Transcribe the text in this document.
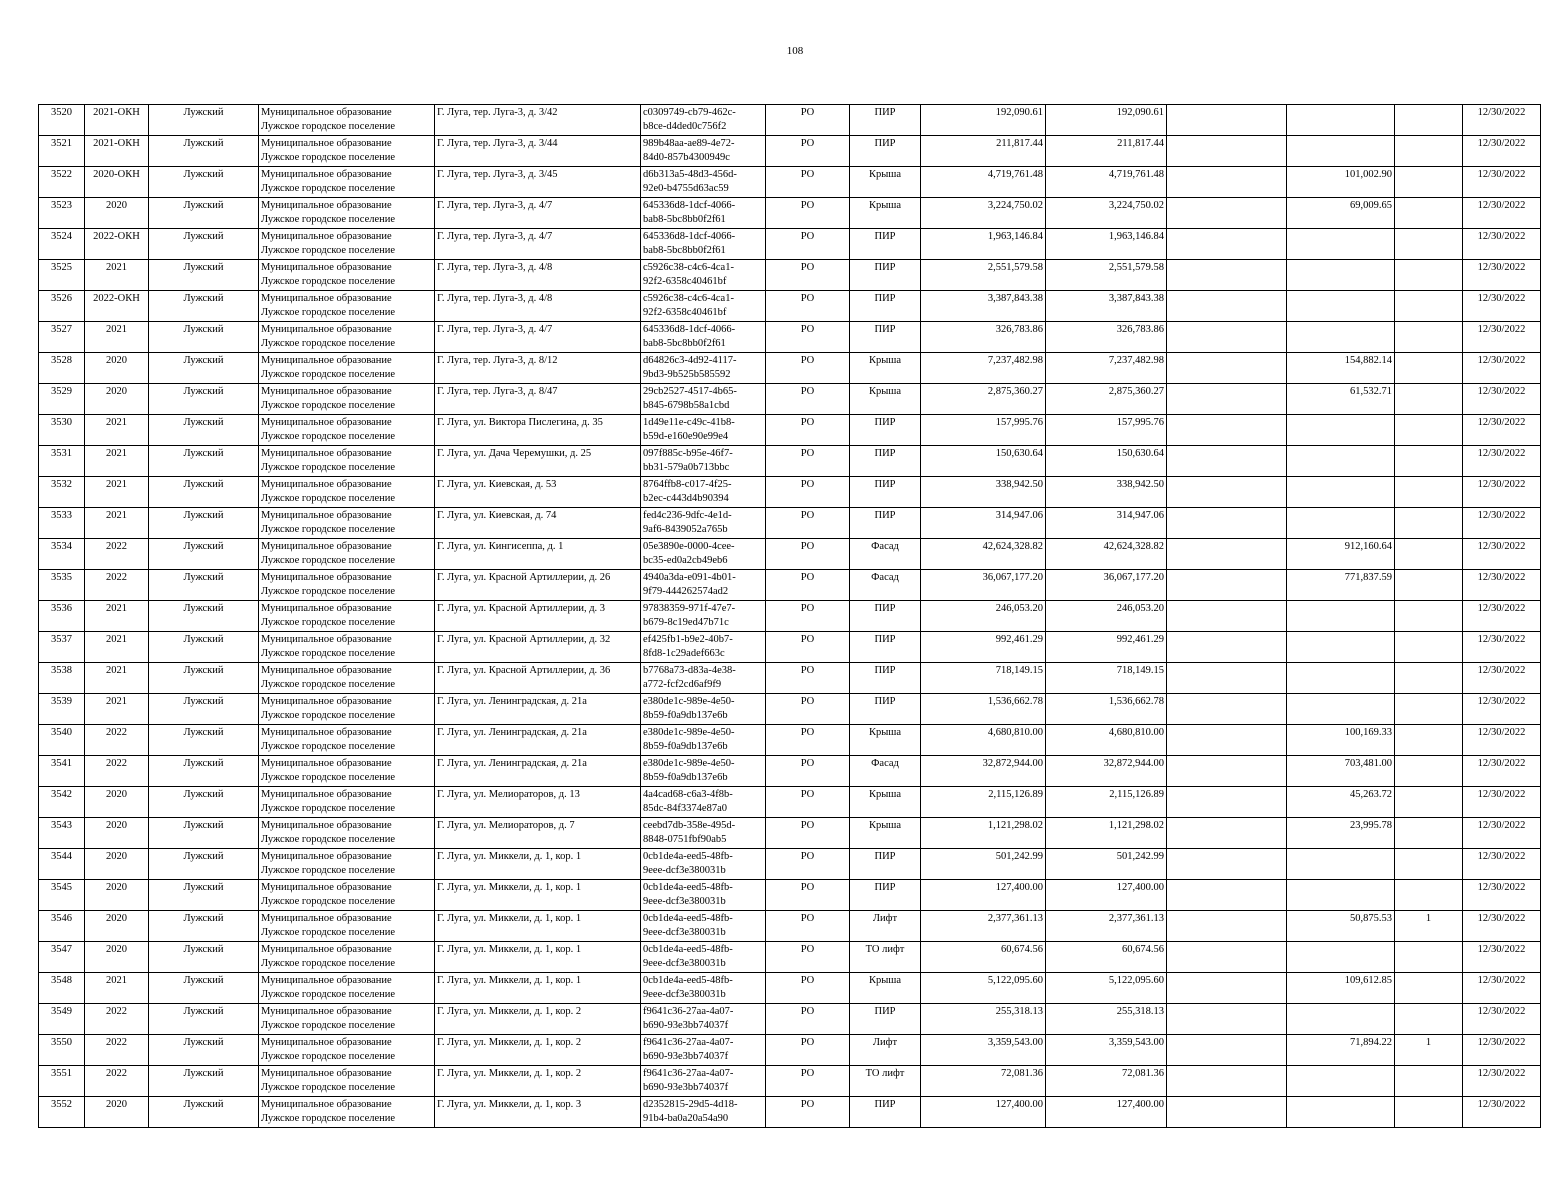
108
3520	2021-ОКН	Лужский	Муниципальное образование
Лужское городское поселение	Г. Луга, тер. Луга-3, д. 3/42	c0309749-cb79-462c-
b8ce-d4ded0c756f2	РО	ПИР	192,090.61	192,090.61				12/30/2022
3521	2021-ОКН	Лужский	Муниципальное образование
Лужское городское поселение	Г. Луга, тер. Луга-3, д. 3/44	989b48aa-ae89-4e72-
84d0-857b4300949c	РО	ПИР	211,817.44	211,817.44				12/30/2022
3522	2020-ОКН	Лужский	Муниципальное образование
Лужское городское поселение	Г. Луга, тер. Луга-3, д. 3/45	d6b313a5-48d3-456d-
92e0-b4755d63ac59	РО	Крыша	4,719,761.48	4,719,761.48		101,002.90		12/30/2022
3523	2020	Лужский	Муниципальное образование
Лужское городское поселение	Г. Луга, тер. Луга-3, д. 4/7	645336d8-1dcf-4066-
bab8-5bc8bb0f2f61	РО	Крыша	3,224,750.02	3,224,750.02		69,009.65		12/30/2022
3524	2022-ОКН	Лужский	Муниципальное образование
Лужское городское поселение	Г. Луга, тер. Луга-3, д. 4/7	645336d8-1dcf-4066-
bab8-5bc8bb0f2f61	РО	ПИР	1,963,146.84	1,963,146.84				12/30/2022
3525	2021	Лужский	Муниципальное образование
Лужское городское поселение	Г. Луга, тер. Луга-3, д. 4/8	c5926c38-c4c6-4ca1-
92f2-6358c40461bf	РО	ПИР	2,551,579.58	2,551,579.58				12/30/2022
3526	2022-ОКН	Лужский	Муниципальное образование
Лужское городское поселение	Г. Луга, тер. Луга-3, д. 4/8	c5926c38-c4c6-4ca1-
92f2-6358c40461bf	РО	ПИР	3,387,843.38	3,387,843.38				12/30/2022
3527	2021	Лужский	Муниципальное образование
Лужское городское поселение	Г. Луга, тер. Луга-3, д. 4/7	645336d8-1dcf-4066-
bab8-5bc8bb0f2f61	РО	ПИР	326,783.86	326,783.86				12/30/2022
3528	2020	Лужский	Муниципальное образование
Лужское городское поселение	Г. Луга, тер. Луга-3, д. 8/12	d64826c3-4d92-4117-
9bd3-9b525b585592	РО	Крыша	7,237,482.98	7,237,482.98		154,882.14		12/30/2022
3529	2020	Лужский	Муниципальное образование
Лужское городское поселение	Г. Луга, тер. Луга-3, д. 8/47	29cb2527-4517-4b65-
b845-6798b58a1cbd	РО	Крыша	2,875,360.27	2,875,360.27		61,532.71		12/30/2022
3530	2021	Лужский	Муниципальное образование
Лужское городское поселение	Г. Луга, ул. Виктора Пислегина, д. 35	1d49e11e-c49c-41b8-
b59d-e160e90e99e4	РО	ПИР	157,995.76	157,995.76				12/30/2022
3531	2021	Лужский	Муниципальное образование
Лужское городское поселение	Г. Луга, ул. Дача Черемушки, д. 25	097f885c-b95e-46f7-
bb31-579a0b713bbc	РО	ПИР	150,630.64	150,630.64				12/30/2022
3532	2021	Лужский	Муниципальное образование
Лужское городское поселение	Г. Луга, ул. Киевская, д. 53	8764ffb8-c017-4f25-
b2ec-c443d4b90394	РО	ПИР	338,942.50	338,942.50				12/30/2022
3533	2021	Лужский	Муниципальное образование
Лужское городское поселение	Г. Луга, ул. Киевская, д. 74	fed4c236-9dfc-4e1d-
9af6-8439052a765b	РО	ПИР	314,947.06	314,947.06				12/30/2022
3534	2022	Лужский	Муниципальное образование
Лужское городское поселение	Г. Луга, ул. Кингисеппа, д. 1	05e3890e-0000-4cee-
bc35-ed0a2cb49eb6	РО	Фасад	42,624,328.82	42,624,328.82		912,160.64		12/30/2022
3535	2022	Лужский	Муниципальное образование
Лужское городское поселение	Г. Луга, ул. Красной Артиллерии, д. 26	4940a3da-e091-4b01-
9f79-444262574ad2	РО	Фасад	36,067,177.20	36,067,177.20		771,837.59		12/30/2022
3536	2021	Лужский	Муниципальное образование
Лужское городское поселение	Г. Луга, ул. Красной Артиллерии, д. 3	97838359-971f-47e7-
b679-8c19ed47b71c	РО	ПИР	246,053.20	246,053.20				12/30/2022
3537	2021	Лужский	Муниципальное образование
Лужское городское поселение	Г. Луга, ул. Красной Артиллерии, д. 32	ef425fb1-b9e2-40b7-
8fd8-1c29adef663c	РО	ПИР	992,461.29	992,461.29				12/30/2022
3538	2021	Лужский	Муниципальное образование
Лужское городское поселение	Г. Луга, ул. Красной Артиллерии, д. 36	b7768a73-d83a-4e38-
a772-fcf2cd6af9f9	РО	ПИР	718,149.15	718,149.15				12/30/2022
3539	2021	Лужский	Муниципальное образование
Лужское городское поселение	Г. Луга, ул. Ленинградская, д. 21а	e380de1c-989e-4e50-
8b59-f0a9db137e6b	РО	ПИР	1,536,662.78	1,536,662.78				12/30/2022
3540	2022	Лужский	Муниципальное образование
Лужское городское поселение	Г. Луга, ул. Ленинградская, д. 21а	e380de1c-989e-4e50-
8b59-f0a9db137e6b	РО	Крыша	4,680,810.00	4,680,810.00		100,169.33		12/30/2022
3541	2022	Лужский	Муниципальное образование
Лужское городское поселение	Г. Луга, ул. Ленинградская, д. 21а	e380de1c-989e-4e50-
8b59-f0a9db137e6b	РО	Фасад	32,872,944.00	32,872,944.00		703,481.00		12/30/2022
3542	2020	Лужский	Муниципальное образование
Лужское городское поселение	Г. Луга, ул. Мелиораторов, д. 13	4a4cad68-c6a3-4f8b-
85dc-84f3374e87a0	РО	Крыша	2,115,126.89	2,115,126.89		45,263.72		12/30/2022
3543	2020	Лужский	Муниципальное образование
Лужское городское поселение	Г. Луга, ул. Мелиораторов, д. 7	ceebd7db-358e-495d-
8848-0751fbf90ab5	РО	Крыша	1,121,298.02	1,121,298.02		23,995.78		12/30/2022
3544	2020	Лужский	Муниципальное образование
Лужское городское поселение	Г. Луга, ул. Миккели, д. 1, кор. 1	0cb1de4a-eed5-48fb-
9eee-dcf3e380031b	РО	ПИР	501,242.99	501,242.99				12/30/2022
3545	2020	Лужский	Муниципальное образование
Лужское городское поселение	Г. Луга, ул. Миккели, д. 1, кор. 1	0cb1de4a-eed5-48fb-
9eee-dcf3e380031b	РО	ПИР	127,400.00	127,400.00				12/30/2022
3546	2020	Лужский	Муниципальное образование
Лужское городское поселение	Г. Луга, ул. Миккели, д. 1, кор. 1	0cb1de4a-eed5-48fb-
9eee-dcf3e380031b	РО	Лифт	2,377,361.13	2,377,361.13		50,875.53	1	12/30/2022
3547	2020	Лужский	Муниципальное образование
Лужское городское поселение	Г. Луга, ул. Миккели, д. 1, кор. 1	0cb1de4a-eed5-48fb-
9eee-dcf3e380031b	РО	ТО лифт	60,674.56	60,674.56				12/30/2022
3548	2021	Лужский	Муниципальное образование
Лужское городское поселение	Г. Луга, ул. Миккели, д. 1, кор. 1	0cb1de4a-eed5-48fb-
9eee-dcf3e380031b	РО	Крыша	5,122,095.60	5,122,095.60		109,612.85		12/30/2022
3549	2022	Лужский	Муниципальное образование
Лужское городское поселение	Г. Луга, ул. Миккели, д. 1, кор. 2	f9641c36-27aa-4a07-
b690-93e3bb74037f	РО	ПИР	255,318.13	255,318.13				12/30/2022
3550	2022	Лужский	Муниципальное образование
Лужское городское поселение	Г. Луга, ул. Миккели, д. 1, кор. 2	f9641c36-27aa-4a07-
b690-93e3bb74037f	РО	Лифт	3,359,543.00	3,359,543.00		71,894.22	1	12/30/2022
3551	2022	Лужский	Муниципальное образование
Лужское городское поселение	Г. Луга, ул. Миккели, д. 1, кор. 2	f9641c36-27aa-4a07-
b690-93e3bb74037f	РО	ТО лифт	72,081.36	72,081.36				12/30/2022
3552	2020	Лужский	Муниципальное образование
Лужское городское поселение	Г. Луга, ул. Миккели, д. 1, кор. 3	d2352815-29d5-4d18-
91b4-ba0a20a54a90	РО	ПИР	127,400.00	127,400.00				12/30/2022
